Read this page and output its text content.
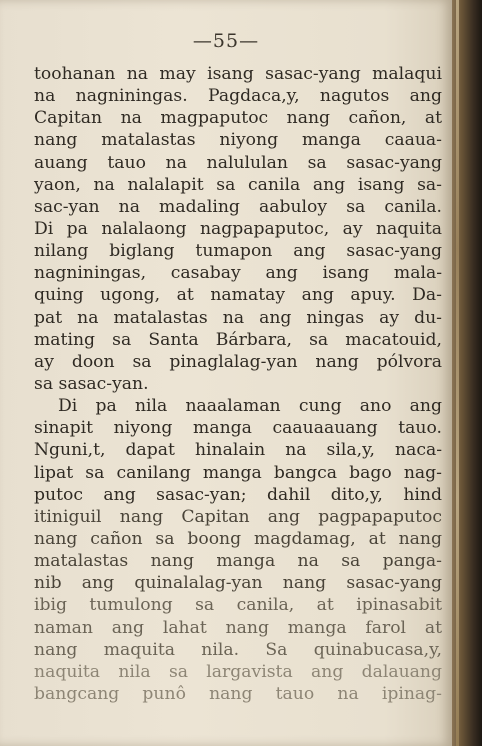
—55—
toohanan na may isang sasac-yang malaqui
na nagniningas. Pagdaca,y, nagutos ang
Capitan na magpaputoc nang cañon, at
nang matalastas niyong manga caaua-
auang tauo na nalululan sa sasac-yang
yaon, na nalalapit sa canila ang isang sa-
sac-yan na madaling aabuloy sa canila.
Di pa nalalaong nagpapaputoc, ay naquita
nilang biglang tumapon ang sasac-yang
nagniningas, casabay ang isang mala-
quing ugong, at namatay ang apuy. Da-
pat na matalastas na ang ningas ay du-
mating sa Santa Bárbara, sa macatouid,
ay doon sa pinaglalag-yan nang pólvora
sa sasac-yan.
Di pa nila naaalaman cung ano ang
sinapit niyong manga caauaauang tauo.
Nguni,t, dapat hinalain na sila,y, naca-
lipat sa canilang manga bangca bago nag-
putoc ang sasac-yan; dahil dito,y, hind
itiniguil nang Capitan ang pagpapaputoc
nang cañon sa boong magdamag, at nang
matalastas nang manga na sa panga-
nib ang quinalalag-yan nang sasac-yang
ibig tumulong sa canila, at ipinasabit
naman ang lahat nang manga farol at
nang maquita nila. Sa quinabucasa,y,
naquita nila sa largavista ang dalauang
bangcang punô nang tauo na ipinag-
